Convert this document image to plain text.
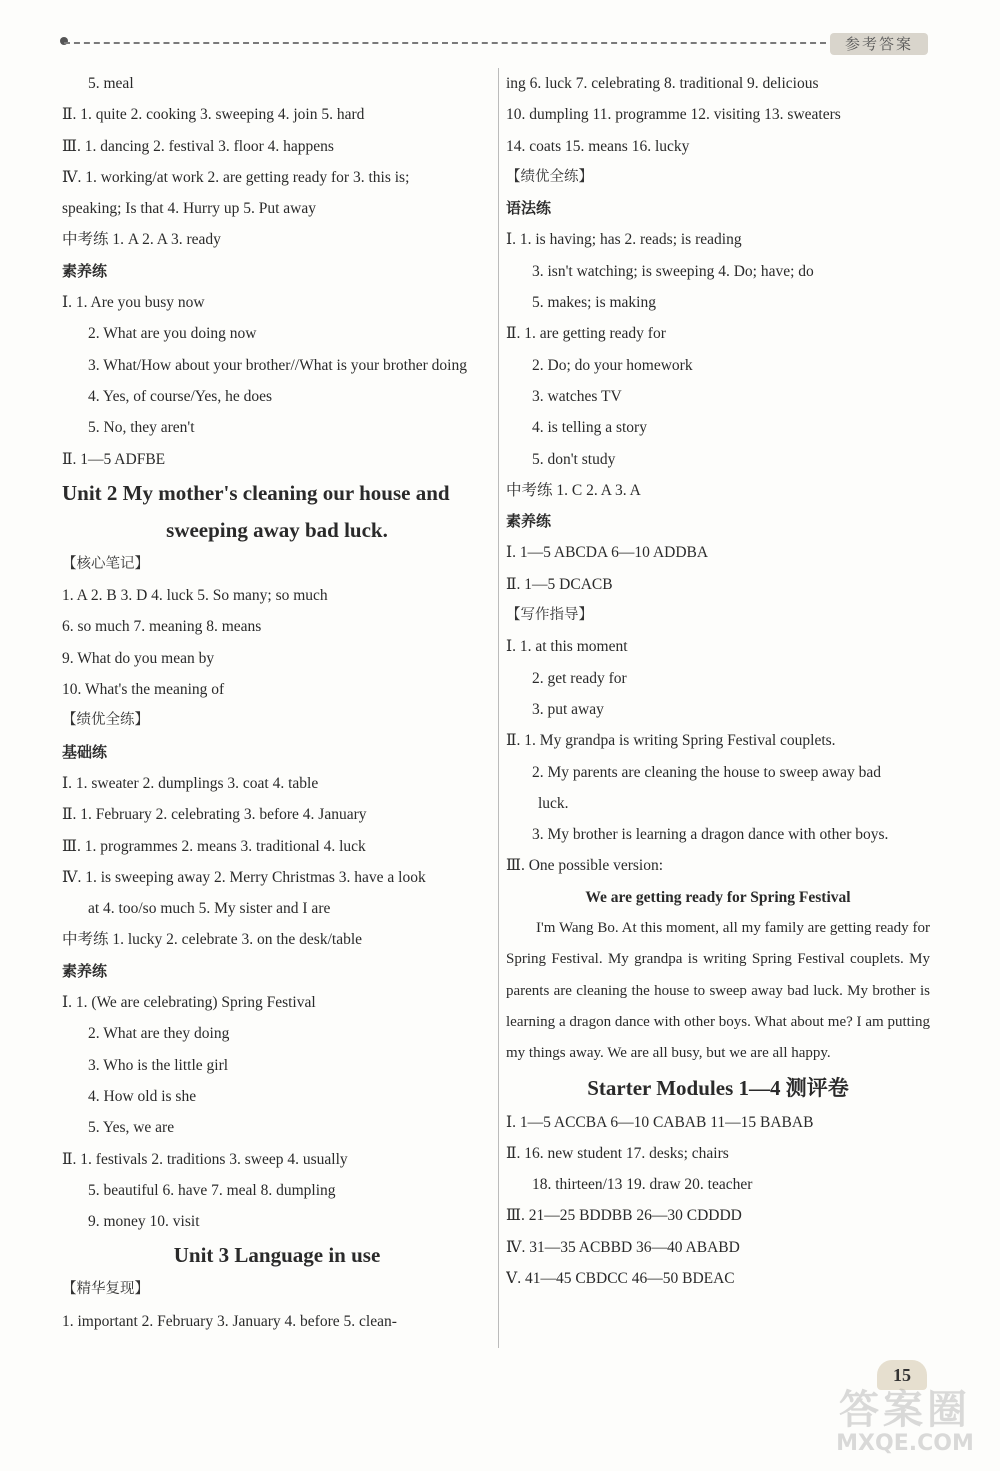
参考答案
5. meal
Ⅱ. 1. quite 2. cooking 3. sweeping 4. join 5. hard
Ⅲ. 1. dancing 2. festival 3. floor 4. happens
Ⅳ. 1. working/at work 2. are getting ready for 3. this is;
speaking; Is that 4. Hurry up 5. Put away
中考练 1. A 2. A 3. ready
素养练
Ⅰ. 1. Are you busy now
2. What are you doing now
3. What/How about your brother//What is your brother doing
4. Yes, of course/Yes, he does
5. No, they aren't
Ⅱ. 1—5 ADFBE
Unit 2 My mother's cleaning our house and
sweeping away bad luck.
【核心笔记】
1. A 2. B 3. D 4. luck 5. So many; so much
6. so much 7. meaning 8. means
9. What do you mean by
10. What's the meaning of
【绩优全练】
基础练
Ⅰ. 1. sweater 2. dumplings 3. coat 4. table
Ⅱ. 1. February 2. celebrating 3. before 4. January
Ⅲ. 1. programmes 2. means 3. traditional 4. luck
Ⅳ. 1. is sweeping away 2. Merry Christmas 3. have a look
at 4. too/so much 5. My sister and I are
中考练 1. lucky 2. celebrate 3. on the desk/table
素养练
Ⅰ. 1. (We are celebrating) Spring Festival
2. What are they doing
3. Who is the little girl
4. How old is she
5. Yes, we are
Ⅱ. 1. festivals 2. traditions 3. sweep 4. usually
5. beautiful 6. have 7. meal 8. dumpling
9. money 10. visit
Unit 3 Language in use
【精华复现】
1. important 2. February 3. January 4. before 5. clean-
ing 6. luck 7. celebrating 8. traditional 9. delicious
10. dumpling 11. programme 12. visiting 13. sweaters
14. coats 15. means 16. lucky
【绩优全练】
语法练
Ⅰ. 1. is having; has 2. reads; is reading
3. isn't watching; is sweeping 4. Do; have; do
5. makes; is making
Ⅱ. 1. are getting ready for
2. Do; do your homework
3. watches TV
4. is telling a story
5. don't study
中考练 1. C 2. A 3. A
素养练
Ⅰ. 1—5 ABCDA 6—10 ADDBA
Ⅱ. 1—5 DCACB
【写作指导】
Ⅰ. 1. at this moment
2. get ready for
3. put away
Ⅱ. 1. My grandpa is writing Spring Festival couplets.
2. My parents are cleaning the house to sweep away bad
luck.
3. My brother is learning a dragon dance with other boys.
Ⅲ. One possible version:
We are getting ready for Spring Festival
I'm Wang Bo. At this moment, all my family are getting ready for Spring Festival. My grandpa is writing Spring Festival couplets. My parents are cleaning the house to sweep away bad luck. My brother is learning a dragon dance with other boys. What about me? I am putting my things away. We are all busy, but we are all happy.
Starter Modules 1—4 测评卷
Ⅰ. 1—5 ACCBA 6—10 CABAB 11—15 BABAB
Ⅱ. 16. new student 17. desks; chairs
18. thirteen/13 19. draw 20. teacher
Ⅲ. 21—25 BDDBB 26—30 CDDDD
Ⅳ. 31—35 ACBBD 36—40 ABABD
Ⅴ. 41—45 CBDCC 46—50 BDEAC
15
答案圈
MXQE.COM
